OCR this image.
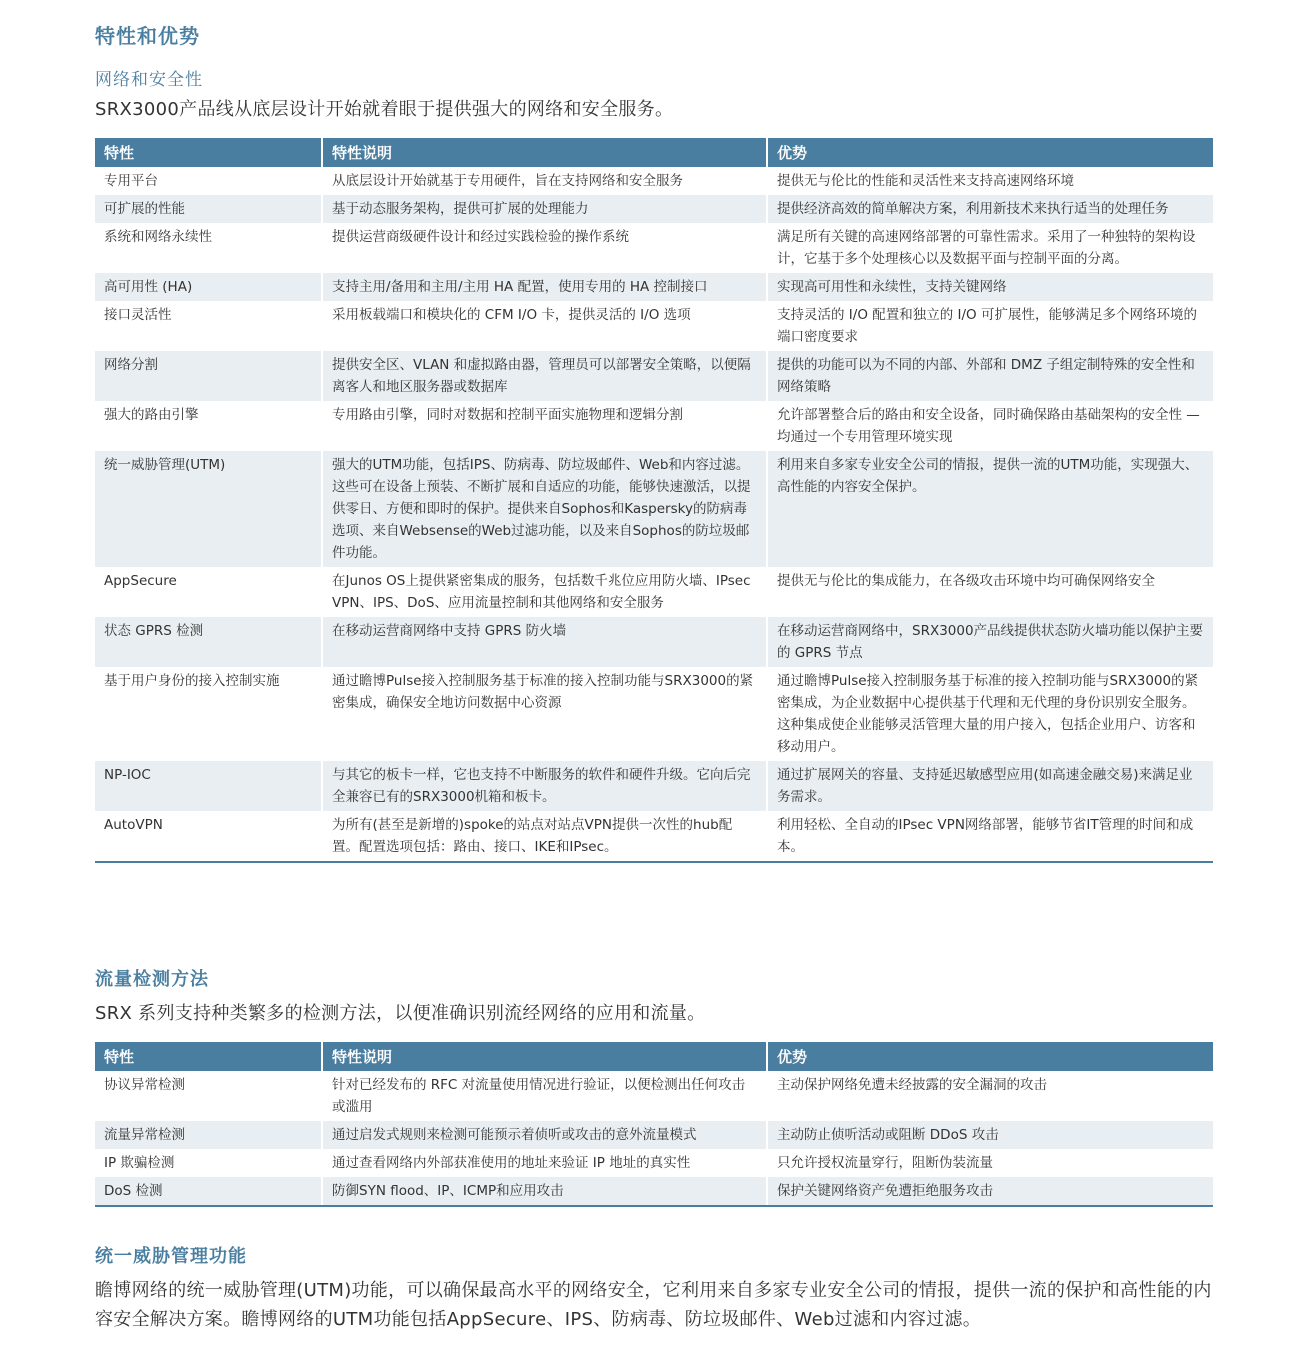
特性和优势
网络和安全性
SRX3000产品线从底层设计开始就着眼于提供强大的网络和安全服务。
特性	特性说明	优势
专用平台	从底层设计开始就基于专用硬件，旨在支持网络和安全服务	提供无与伦比的性能和灵活性来支持高速网络环境
可扩展的性能	基于动态服务架构，提供可扩展的处理能力	提供经济高效的简单解决方案，利用新技术来执行适当的处理任务
系统和网络永续性	提供运营商级硬件设计和经过实践检验的操作系统	满足所有关键的高速网络部署的可靠性需求。采用了一种独特的架构设计，它基于多个处理核心以及数据平面与控制平面的分离。
高可用性 (HA)	支持主用/备用和主用/主用 HA 配置，使用专用的 HA 控制接口	实现高可用性和永续性，支持关键网络
接口灵活性	采用板载端口和模块化的 CFM I/O 卡，提供灵活的 I/O 选项	支持灵活的 I/O 配置和独立的 I/O 可扩展性，能够满足多个网络环境的端口密度要求
网络分割	提供安全区、VLAN 和虚拟路由器，管理员可以部署安全策略，以便隔离客人和地区服务器或数据库	提供的功能可以为不同的内部、外部和 DMZ 子组定制特殊的安全性和网络策略
强大的路由引擎	专用路由引擎，同时对数据和控制平面实施物理和逻辑分割	允许部署整合后的路由和安全设备，同时确保路由基础架构的安全性 — 均通过一个专用管理环境实现
统一威胁管理(UTM)	强大的UTM功能，包括IPS、防病毒、防垃圾邮件、Web和内容过滤。这些可在设备上预装、不断扩展和自适应的功能，能够快速激活，以提供零日、方便和即时的保护。提供来自Sophos和Kaspersky的防病毒选项、来自Websense的Web过滤功能，以及来自Sophos的防垃圾邮件功能。	利用来自多家专业安全公司的情报，提供一流的UTM功能，实现强大、高性能的内容安全保护。
AppSecure	在Junos OS上提供紧密集成的服务，包括数千兆位应用防火墙、IPsec VPN、IPS、DoS、应用流量控制和其他网络和安全服务	提供无与伦比的集成能力，在各级攻击环境中均可确保网络安全
状态 GPRS 检测	在移动运营商网络中支持 GPRS 防火墙	在移动运营商网络中，SRX3000产品线提供状态防火墙功能以保护主要的 GPRS 节点
基于用户身份的接入控制实施	通过瞻博Pulse接入控制服务基于标准的接入控制功能与SRX3000的紧密集成，确保安全地访问数据中心资源	通过瞻博Pulse接入控制服务基于标准的接入控制功能与SRX3000的紧密集成，为企业数据中心提供基于代理和无代理的身份识别安全服务。这种集成使企业能够灵活管理大量的用户接入，包括企业用户、访客和移动用户。
NP-IOC	与其它的板卡一样，它也支持不中断服务的软件和硬件升级。它向后完全兼容已有的SRX3000机箱和板卡。	通过扩展网关的容量、支持延迟敏感型应用(如高速金融交易)来满足业务需求。
AutoVPN	为所有(甚至是新增的)spoke的站点对站点VPN提供一次性的hub配置。配置选项包括：路由、接口、IKE和IPsec。	利用轻松、全自动的IPsec VPN网络部署，能够节省IT管理的时间和成本。
流量检测方法
SRX 系列支持种类繁多的检测方法，以便准确识别流经网络的应用和流量。
特性	特性说明	优势
协议异常检测	针对已经发布的 RFC 对流量使用情况进行验证，以便检测出任何攻击或滥用	主动保护网络免遭未经披露的安全漏洞的攻击
流量异常检测	通过启发式规则来检测可能预示着侦听或攻击的意外流量模式	主动防止侦听活动或阻断 DDoS 攻击
IP 欺骗检测	通过查看网络内外部获准使用的地址来验证 IP 地址的真实性	只允许授权流量穿行，阻断伪装流量
DoS 检测	防御SYN flood、IP、ICMP和应用攻击	保护关键网络资产免遭拒绝服务攻击
统一威胁管理功能
瞻博网络的统一威胁管理(UTM)功能，可以确保最高水平的网络安全，它利用来自多家专业安全公司的情报，提供一流的保护和高性能的内容安全解决方案。瞻博网络的UTM功能包括AppSecure、IPS、防病毒、防垃圾邮件、Web过滤和内容过滤。
